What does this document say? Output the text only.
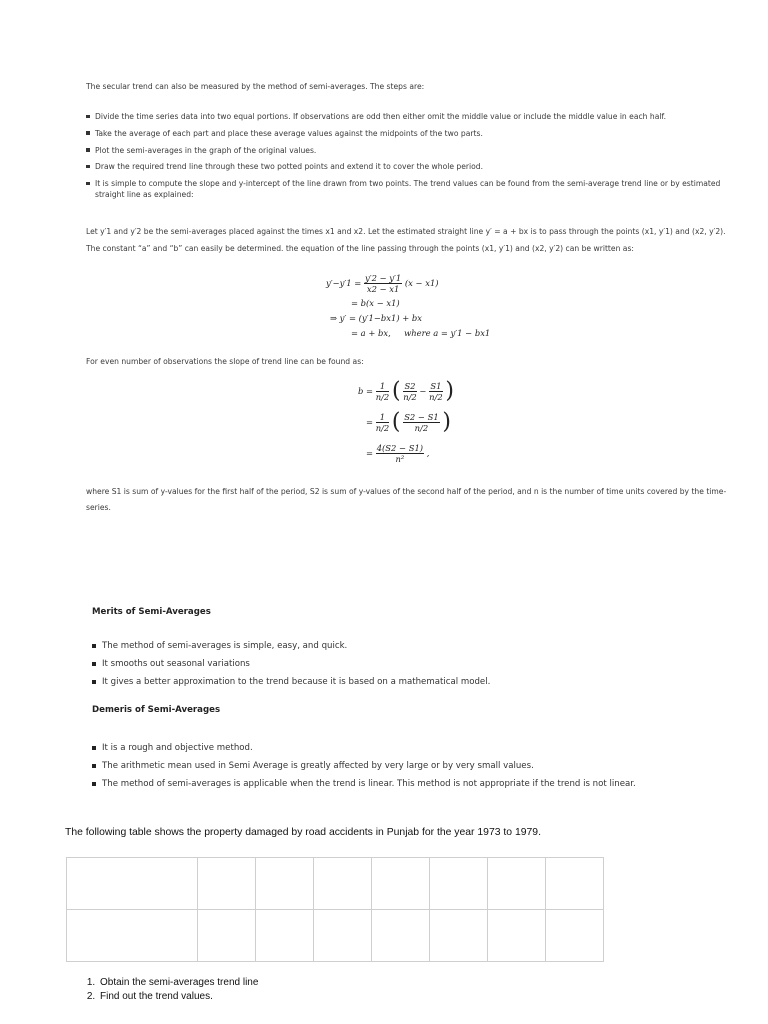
The secular trend can also be measured by the method of semi-averages. The steps are:
Divide the time series data into two equal portions. If observations are odd then either omit the middle value or include the middle value in each half.
Take the average of each part and place these average values against the midpoints of the two parts.
Plot the semi-averages in the graph of the original values.
Draw the required trend line through these two potted points and extend it to cover the whole period.
It is simple to compute the slope and y-intercept of the line drawn from two points. The trend values can be found from the semi-average trend line or by estimated straight line as explained:

Let y′1 and y′2 be the semi-averages placed against the times x1 and x2. Let the estimated straight line y′ = a + bx is to pass through the points (x1, y′1) and (x2, y′2). The constant “a” and “b” can easily be determined. the equation of the line passing through the points (x1, y′1) and (x2, y′2) can be written as:

$y'-y'1 = \frac{y'2 - y'1}{x2 - x1} (x - x1)$
= b(x − x1)
⇒ y′ = (y′1−bx1) + bx
= a + bx,     where a = y′1 − bx1
For even number of observations the slope of trend line can be found as:
$b = \frac{1}{n/2}$ ( $\frac{S2}{n/2} - \frac{S1}{n/2}$ )
= $\frac{1}{n/2}$ ( $\frac{S2 - S1}{n/2}$ )
= $\frac{4(S2 - S1)}{\text{n²}}$ ,
where S1 is sum of y-values for the first half of the period, S2 is sum of y-values of the second half of the period, and n is the number of time units covered by the time-series.
Merits of Semi-Averages
The method of semi-averages is simple, easy, and quick.
It smooths out seasonal variations
It gives a better approximation to the trend because it is based on a mathematical model.
Demeris of Semi-Averages
It is a rough and objective method.
The arithmetic mean used in Semi Average is greatly affected by very large or by very small values.
The method of semi-averages is applicable when the trend is linear. This method is not appropriate if the trend is not linear.
The following table shows the property damaged by road accidents in Punjab for the year 1973 to 1979.

1. Obtain the semi-averages trend line
2. Find out the trend values.
